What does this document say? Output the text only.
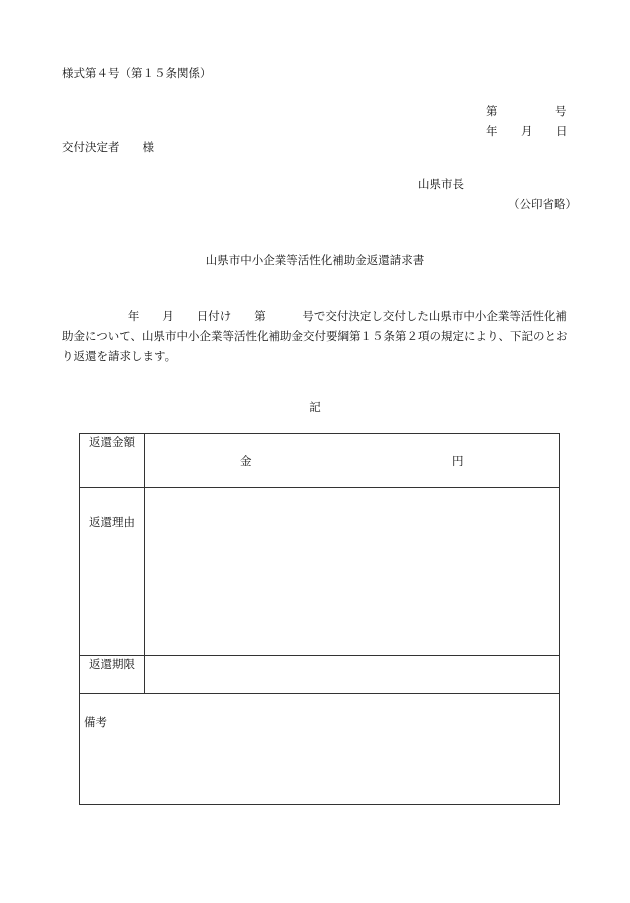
様式第４号（第１５条関係）
第	号
年 月 日
交付決定者　　様
山県市長
（公印省略）
山県市中小企業等活性化補助金返還請求書
年　　月　　日付け　　第	号で交付決定し交付した山県市中小企業等活性化補助金について、山県市中小企業等活性化補助金交付要綱第１５条第２項の規定により、下記のとおり返還を請求します。
記
返還金額	金 円

返還理由	
返還期限	

備考	
